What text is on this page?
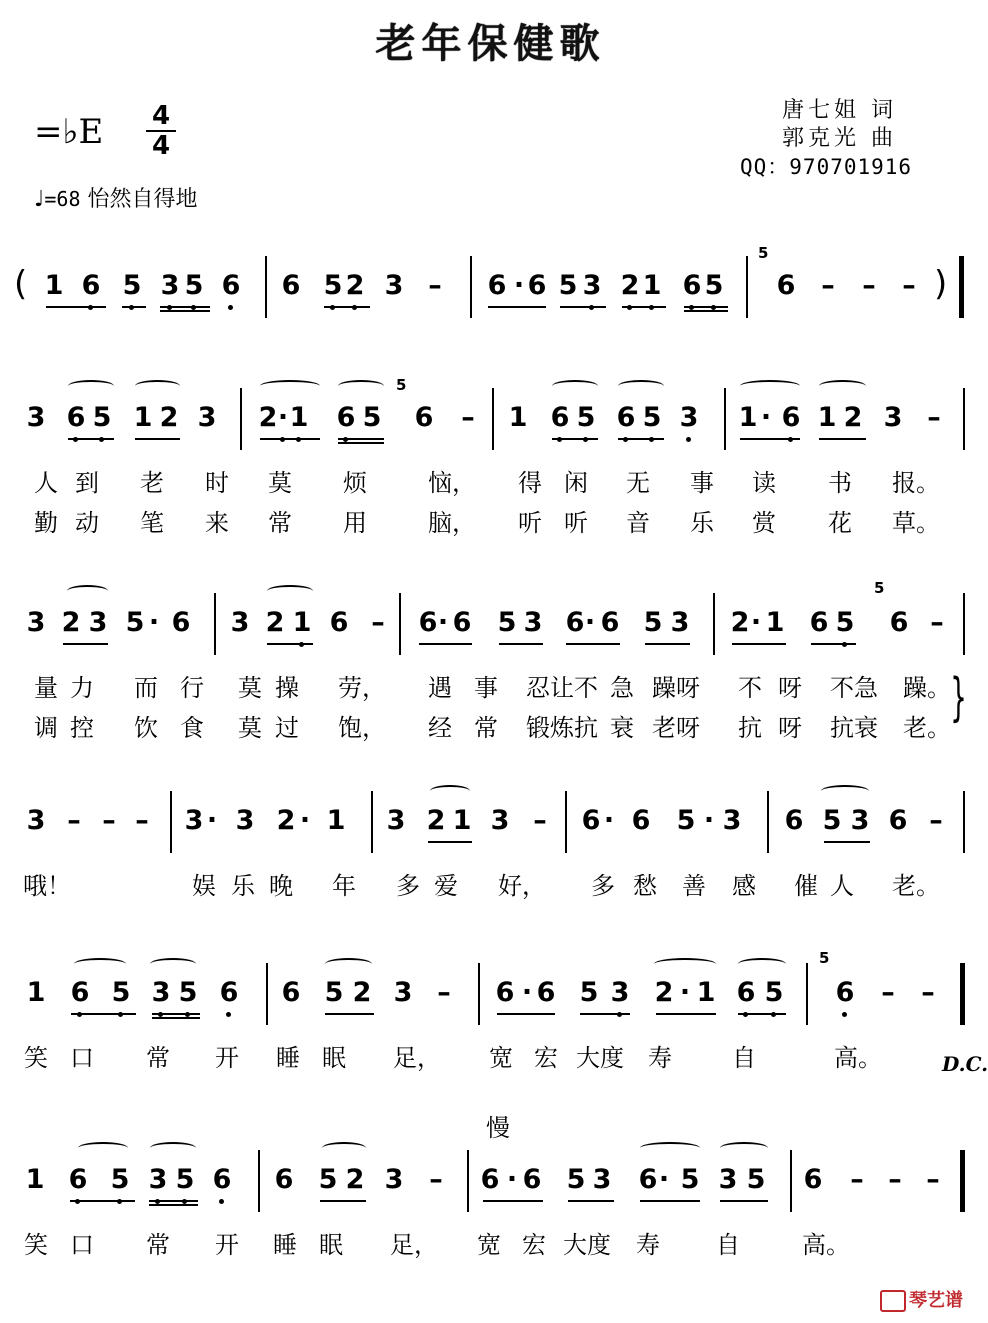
老年保健歌
=♭E 4
4
唐七姐 词
郭克光 曲
QQ：970701916
♩=68 怡然自得地
1 6 5 3 5 6 6 5 2 3 – 6 · 6 5 3 2 1 6 5 6 – – –
3 6 5 1 2 3 2 · 1 6 5 6 – 1 6 5 6 5 3 1 · 6 1 2 3 –
人 到 老 时 莫 烦	恼， 得 闲 无 事 读 书 报。
勤 动 笔 来 常 用	脑， 听 听 音 乐 赏 花 草。
3 2 3 5 · 6 3 2 1 6 – 6 · 6 5 3 6 · 6 5 3 2 · 1 6 5 6 –
量 力 而 行 莫 操 劳， 遇 事 忍让 不 急 躁呀 不 呀 不急 躁。
调 控 饮 食 莫 过 饱， 经 常 锻炼 抗 衰 老呀 抗 呀 抗衰 老。
3 – – – 3 · 3 2 · 1 3 2 1 3 – 6 · 6 5 · 3 6 5 3 6 –
哦！	娱 乐 晚 年 多 爱 好， 多 愁 善 感 催 人 老。
1 6 5 3 5 6 6 5 2 3 – 6 · 6 5 3 2 · 1 6 5 6 – –
笑 口 常 开 睡 眠 足， 宽 宏 大度 寿	自	高。
1 6 5 3 5 6 6 5 2 3 – 6 · 6 5 3 6 · 5 3 5 6 – – –
笑 口 常 开 睡 眠 足， 宽 宏 大度 寿 自	高。
(	)
5
5
5
5
慢
D.C.
}
琴艺谱
